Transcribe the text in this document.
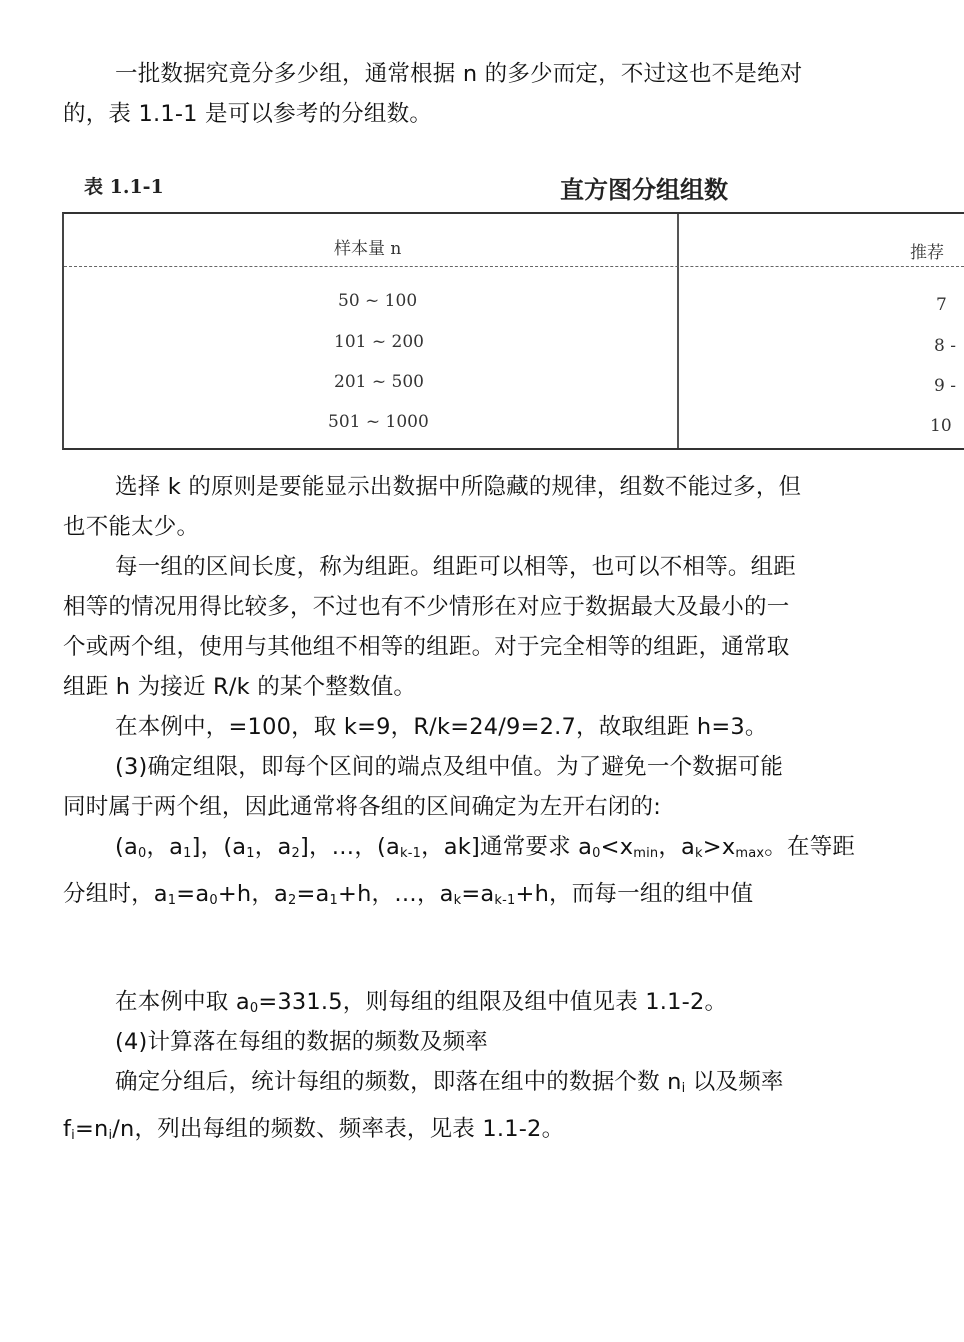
一批数据究竟分多少组，通常根据 n 的多少而定，不过这也不是绝对
的，表 1.1-1 是可以参考的分组数。

表 1.1-1	直方图分组组数
样本量 n	推荐
50 ~ 100	7
101 ~ 200	8 -
201 ~ 500	9 -
501 ~ 1000	10

选择 k 的原则是要能显示出数据中所隐藏的规律，组数不能过多，但
也不能太少。

每一组的区间长度，称为组距。组距可以相等，也可以不相等。组距
相等的情况用得比较多，不过也有不少情形在对应于数据最大及最小的一
个或两个组，使用与其他组不相等的组距。对于完全相等的组距，通常取
组距 h 为接近 R/k 的某个整数值。

在本例中，=100，取 k=9，R/k=24/9=2.7，故取组距 h=3。

(3)确定组限，即每个区间的端点及组中值。为了避免一个数据可能
同时属于两个组，因此通常将各组的区间确定为左开右闭的:

($a_0$，$a_1$]，($a_1$，$a_2$]，…，($a_{k-1}$，ak]通常要求 $a_0<x_{min}$，$a_k>x_{max}$。在等距
分组时，$a_1=a_0+h$，$a_2=a_1+h$，…，$a_k=a_{k-1}+h$，而每一组的组中值

在本例中取 $a_0=331.5$，则每组的组限及组中值见表 1.1-2。

(4)计算落在每组的数据的频数及频率

确定分组后，统计每组的频数，即落在组中的数据个数 $n_i$ 以及频率
$f_i=n_i/n$，列出每组的频数、频率表，见表 1.1-2。
